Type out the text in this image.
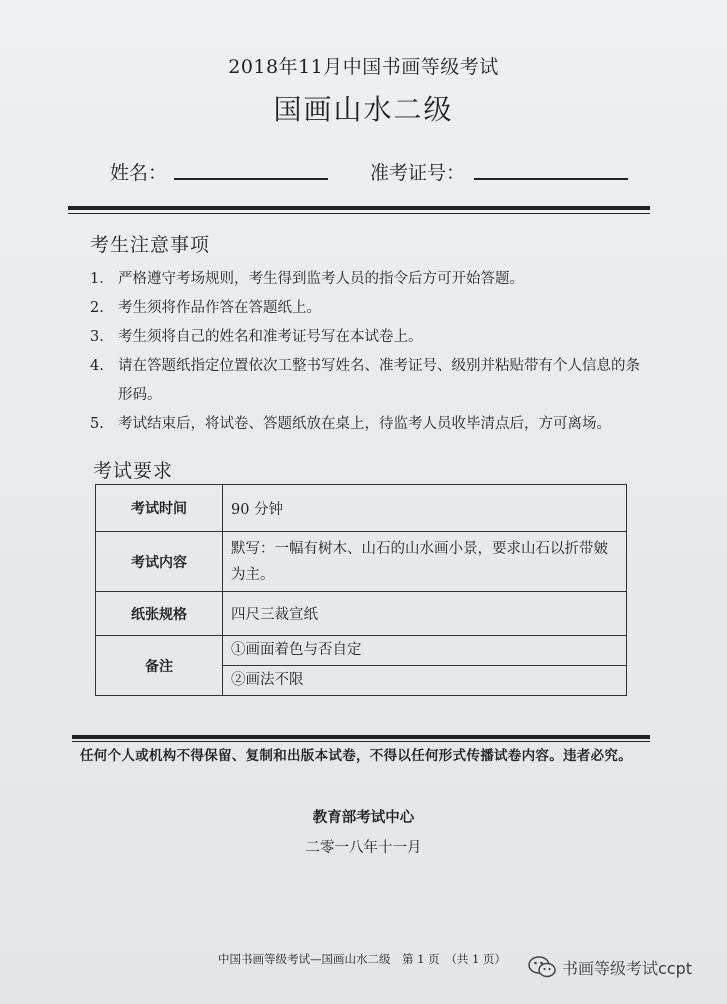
2018年11月中国书画等级考试
国画山水二级
姓名：	准考证号：
考生注意事项
1. 严格遵守考场规则，考生得到监考人员的指令后方可开始答题。
2. 考生须将作品作答在答题纸上。
3. 考生须将自己的姓名和准考证号写在本试卷上。
4. 请在答题纸指定位置依次工整书写姓名、准考证号、级别并粘贴带有个人信息的条形码。
5. 考试结束后，将试卷、答题纸放在桌上，待监考人员收毕清点后，方可离场。
考试要求
考试时间	90 分钟
考试内容	默写：一幅有树木、山石的山水画小景，要求山石以折带皴为主。
纸张规格	四尺三裁宣纸
备注	①画面着色与否自定
②画法不限
任何个人或机构不得保留、复制和出版本试卷，不得以任何形式传播试卷内容。违者必究。
教育部考试中心
二零一八年十一月
中国书画等级考试—国画山水二级　第 1 页　（共 1 页）	书画等级考试ccpt
